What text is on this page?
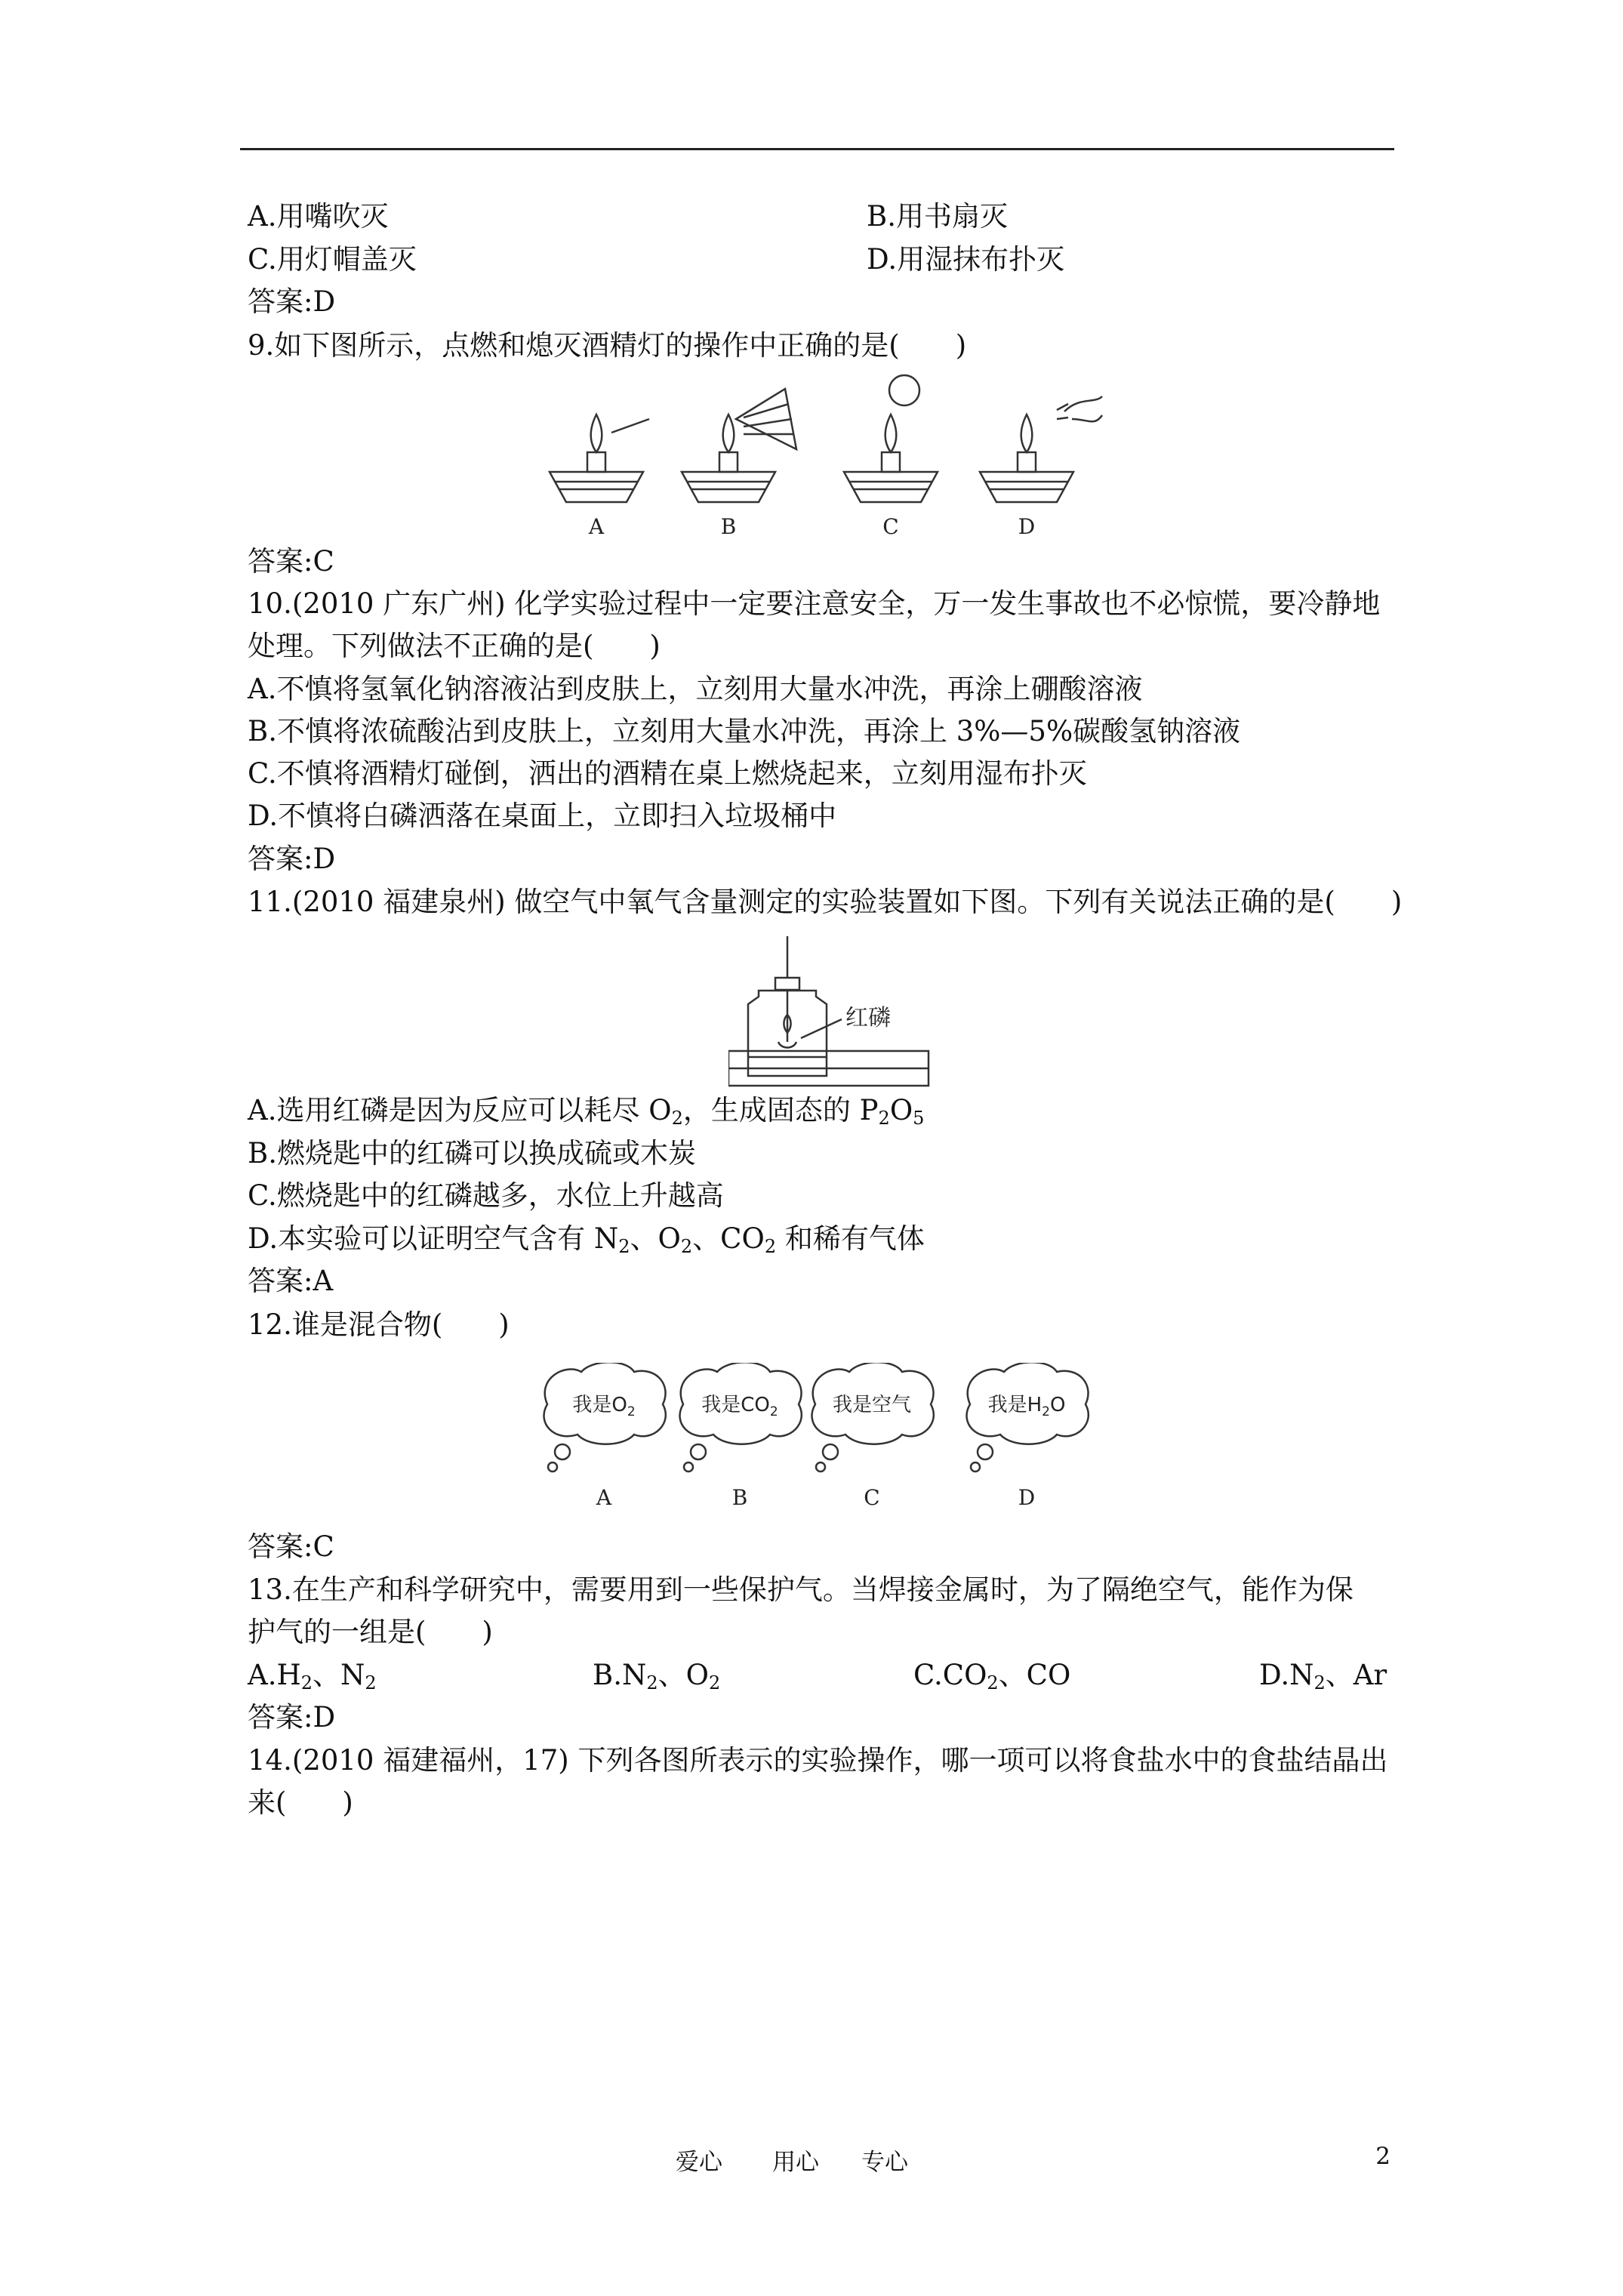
A.用嘴吹灭	B.用书扇灭
C.用灯帽盖灭	D.用湿抹布扑灭
答案:D
9.如下图所示，点燃和熄灭酒精灯的操作中正确的是(　　)
A	B	C	D
答案:C
10.(2010 广东广州) 化学实验过程中一定要注意安全，万一发生事故也不必惊慌，要冷静地
处理。下列做法不正确的是(　　)
A.不慎将氢氧化钠溶液沾到皮肤上，立刻用大量水冲洗，再涂上硼酸溶液
B.不慎将浓硫酸沾到皮肤上，立刻用大量水冲洗，再涂上 3%—5%碳酸氢钠溶液
C.不慎将酒精灯碰倒，洒出的酒精在桌上燃烧起来，立刻用湿布扑灭
D.不慎将白磷洒落在桌面上，立即扫入垃圾桶中
答案:D
11.(2010 福建泉州) 做空气中氧气含量测定的实验装置如下图。下列有关说法正确的是(　　)
红磷
A.选用红磷是因为反应可以耗尽 $O_2$，生成固态的 $P_2O_5$
B.燃烧匙中的红磷可以换成硫或木炭
C.燃烧匙中的红磷越多，水位上升越高
D.本实验可以证明空气含有 $N_2$、$O_2$、$CO_2$ 和稀有气体
答案:A
12.谁是混合物(　　)
我是$O_2$	我是$CO_2$	我是空气	我是$H_2O$
A	B	C	D
答案:C
13.在生产和科学研究中，需要用到一些保护气。当焊接金属时，为了隔绝空气，能作为保
护气的一组是(　　)
$A.H_2$、$N_2$	$B.N_2$、$O_2$	$C.CO_2$、CO	$D.N_2$、Ar
答案:D
14.(2010 福建福州，17) 下列各图所表示的实验操作，哪一项可以将食盐水中的食盐结晶出
来(　　)
爱心 用心 专心	2
